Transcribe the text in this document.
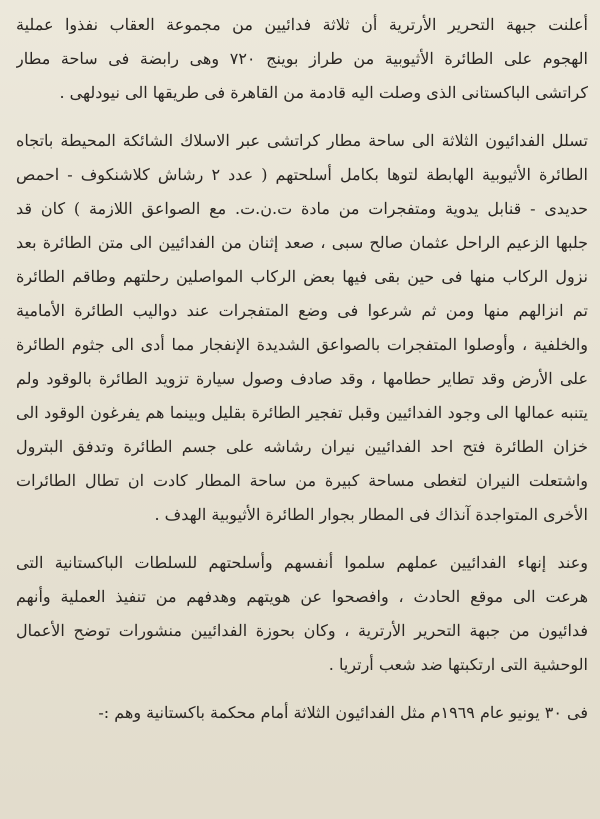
أعلنت جبهة التحرير الأرترية أن ثلاثة فدائيين من مجموعة العقاب نفذوا عملية
الهجوم على الطائرة الأثيوبية من طراز بوينج ٧٢٠ وهى رابضة فى ساحة مطار
كراتشى الباكستانى الذى وصلت اليه قادمة من القاهرة فى طريقها الى نيودلهى .

تسلل الفدائيون الثلاثة الى ساحة مطار كراتشى عبر الاسلاك الشائكة المحيطة باتجاه
الطائرة الأثيوبية الهابطة لتوها بكامل أسلحتهم ( عدد ٢ رشاش كلاشنكوف - احمص
حديدى - قنابل يدوية ومتفجرات من مادة ت.ن.ت. مع الصواعق اللازمة ) كان قد
جلبها الزعيم الراحل عثمان صالح سبى ، صعد إثنان من الفدائيين الى متن الطائرة بعد
نزول الركاب منها فى حين بقى فيها بعض الركاب المواصلين رحلتهم وطاقم الطائرة
تم انزالهم منها ومن ثم شرعوا فى وضع المتفجرات عند دواليب الطائرة الأمامية
والخلفية ، وأوصلوا المتفجرات بالصواعق الشديدة الإنفجار مما أدى الى جثوم الطائرة
على الأرض وقد تطاير حطامها ، وقد صادف وصول سيارة تزويد الطائرة بالوقود ولم
يتنبه عمالها الى وجود الفدائيين وقبل تفجير الطائرة بقليل وبينما هم يفرغون الوقود الى
خزان الطائرة فتح احد الفدائيين نيران رشاشه على جسم الطائرة وتدفق البترول
واشتعلت النيران لتغطى مساحة كبيرة من ساحة المطار كادت ان تطال الطائرات
الأخرى المتواجدة آنذاك فى المطار بجوار الطائرة الأثيوبية الهدف .

وعند إنهاء الفدائيين عملهم سلموا أنفسهم وأسلحتهم للسلطات الباكستانية التى
هرعت الى موقع الحادث ، وافصحوا عن هويتهم وهدفهم من تنفيذ العملية وأنهم
فدائيون من جبهة التحرير الأرترية ، وكان بحوزة الفدائيين منشورات توضح الأعمال
الوحشية التى ارتكبتها ضد شعب أرتريا .

فى ٣٠ يونيو عام ١٩٦٩م مثل الفدائيون الثلاثة أمام محكمة باكستانية وهم :-
